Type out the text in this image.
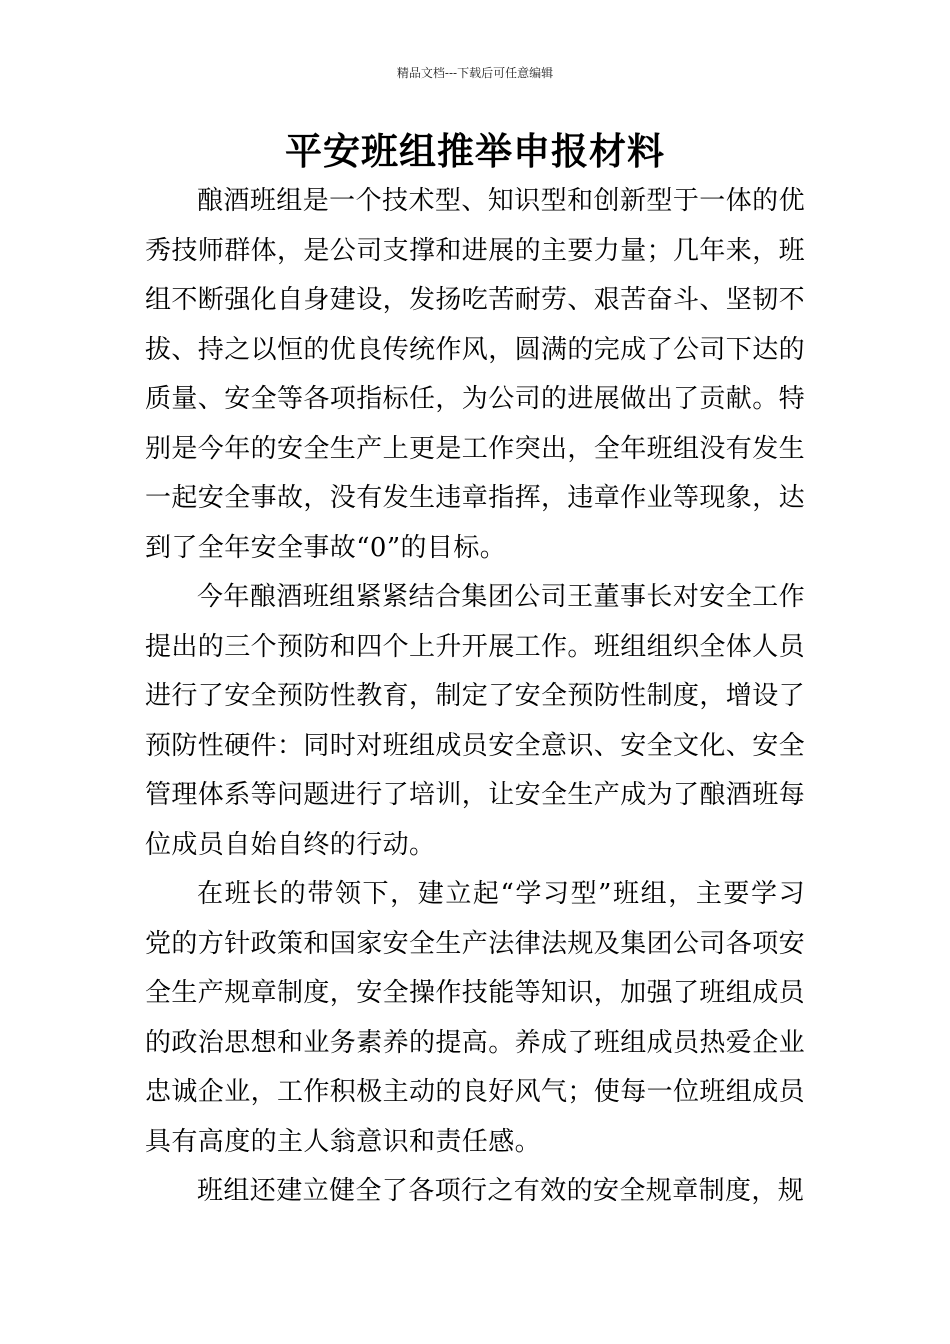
精品文档---下载后可任意编辑
平安班组推举申报材料

酿酒班组是一个技术型、知识型和创新型于一体的优秀技师群体，是公司支撑和进展的主要力量；几年来，班组不断强化自身建设，发扬吃苦耐劳、艰苦奋斗、坚韧不拔、持之以恒的优良传统作风，圆满的完成了公司下达的质量、安全等各项指标任，为公司的进展做出了贡献。特别是今年的安全生产上更是工作突出，全年班组没有发生一起安全事故，没有发生违章指挥，违章作业等现象，达到了全年安全事故“0”的目标。

今年酿酒班组紧紧结合集团公司王董事长对安全工作提出的三个预防和四个上升开展工作。班组组织全体人员进行了安全预防性教育，制定了安全预防性制度，增设了预防性硬件：同时对班组成员安全意识、安全文化、安全管理体系等问题进行了培训，让安全生产成为了酿酒班每位成员自始自终的行动。

在班长的带领下，建立起“学习型”班组，主要学习党的方针政策和国家安全生产法律法规及集团公司各项安全生产规章制度，安全操作技能等知识，加强了班组成员的政治思想和业务素养的提高。养成了班组成员热爱企业忠诚企业，工作积极主动的良好风气；使每一位班组成员具有高度的主人翁意识和责任感。

班组还建立健全了各项行之有效的安全规章制度，规
